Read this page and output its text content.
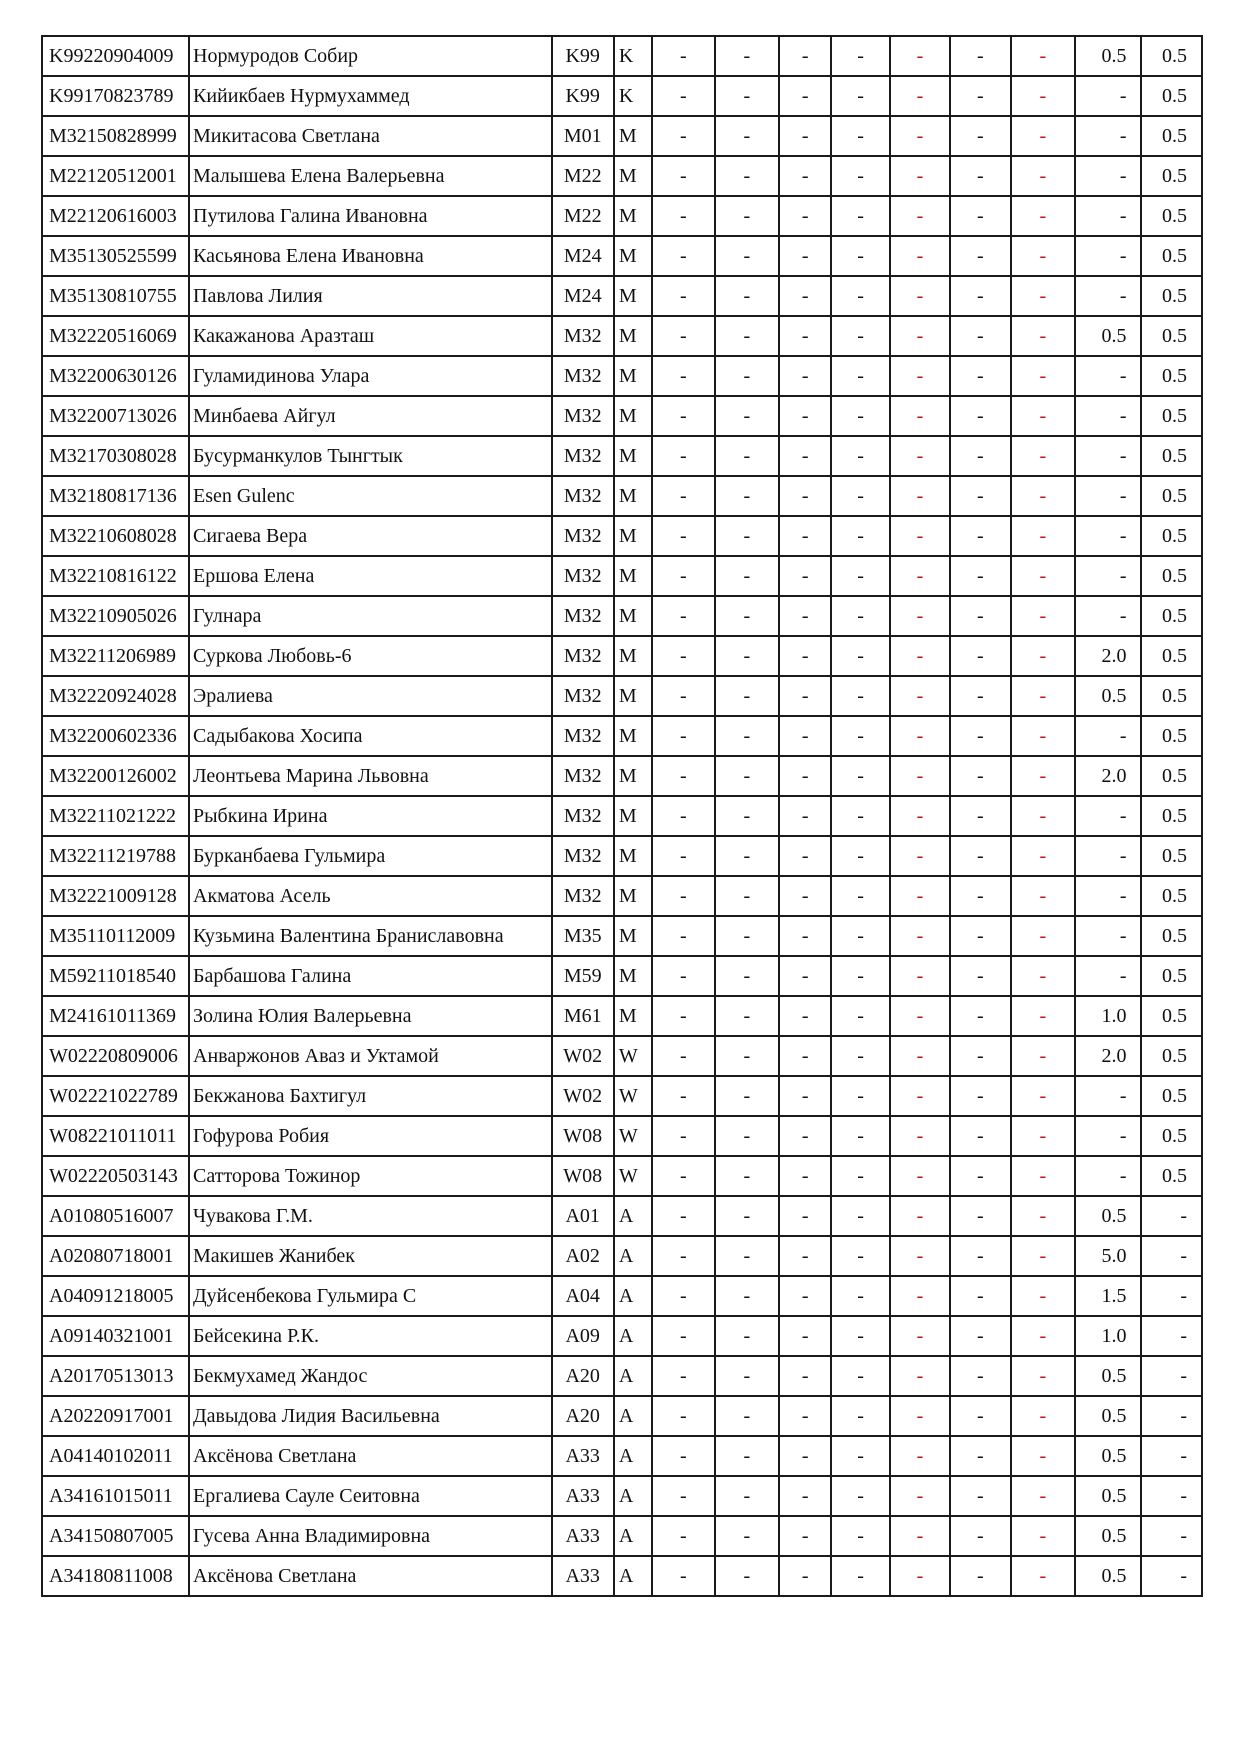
K99220904009	Нормуродов Собир	K99	K	-	-	-	-	-	-	-	0.5	0.5
K99170823789	Кийикбаев Нурмухаммед	K99	K	-	-	-	-	-	-	-	-	0.5
M32150828999	Микитасова Светлана	M01	M	-	-	-	-	-	-	-	-	0.5
M22120512001	Малышева Елена Валерьевна	M22	M	-	-	-	-	-	-	-	-	0.5
M22120616003	Путилова Галина Ивановна	M22	M	-	-	-	-	-	-	-	-	0.5
M35130525599	Касьянова Елена Ивановна	M24	M	-	-	-	-	-	-	-	-	0.5
M35130810755	Павлова Лилия	M24	M	-	-	-	-	-	-	-	-	0.5
M32220516069	Какажанова Аразташ	M32	M	-	-	-	-	-	-	-	0.5	0.5
M32200630126	Гуламидинова Улара	M32	M	-	-	-	-	-	-	-	-	0.5
M32200713026	Минбаева Айгул	M32	M	-	-	-	-	-	-	-	-	0.5
M32170308028	Бусурманкулов Тынгтык	M32	M	-	-	-	-	-	-	-	-	0.5
M32180817136	Esen Gulenc	M32	M	-	-	-	-	-	-	-	-	0.5
M32210608028	Сигаева Вера	M32	M	-	-	-	-	-	-	-	-	0.5
M32210816122	Ершова Елена	M32	M	-	-	-	-	-	-	-	-	0.5
M32210905026	Гулнара	M32	M	-	-	-	-	-	-	-	-	0.5
M32211206989	Суркова Любовь-6	M32	M	-	-	-	-	-	-	-	2.0	0.5
M32220924028	Эралиева	M32	M	-	-	-	-	-	-	-	0.5	0.5
M32200602336	Садыбакова Хосипа	M32	M	-	-	-	-	-	-	-	-	0.5
M32200126002	Леонтьева Марина Львовна	M32	M	-	-	-	-	-	-	-	2.0	0.5
M32211021222	Рыбкина Ирина	M32	M	-	-	-	-	-	-	-	-	0.5
M32211219788	Бурканбаева Гульмира	M32	M	-	-	-	-	-	-	-	-	0.5
M32221009128	Акматова Асель	M32	M	-	-	-	-	-	-	-	-	0.5
M35110112009	Кузьмина Валентина Браниславовна	M35	M	-	-	-	-	-	-	-	-	0.5
M59211018540	Барбашова Галина	M59	M	-	-	-	-	-	-	-	-	0.5
M24161011369	Золина Юлия Валерьевна	M61	M	-	-	-	-	-	-	-	1.0	0.5
W02220809006	Анваржонов Аваз и Уктамой	W02	W	-	-	-	-	-	-	-	2.0	0.5
W02221022789	Бекжанова Бахтигул	W02	W	-	-	-	-	-	-	-	-	0.5
W08221011011	Гофурова Робия	W08	W	-	-	-	-	-	-	-	-	0.5
W02220503143	Сатторова Тожинор	W08	W	-	-	-	-	-	-	-	-	0.5
A01080516007	Чувакова Г.М.	A01	A	-	-	-	-	-	-	-	0.5	-
A02080718001	Макишев Жанибек	A02	A	-	-	-	-	-	-	-	5.0	-
A04091218005	Дуйсенбекова Гульмира С	A04	A	-	-	-	-	-	-	-	1.5	-
A09140321001	Бейсекина Р.К.	A09	A	-	-	-	-	-	-	-	1.0	-
A20170513013	Бекмухамед Жандос	A20	A	-	-	-	-	-	-	-	0.5	-
A20220917001	Давыдова Лидия Васильевна	A20	A	-	-	-	-	-	-	-	0.5	-
A04140102011	Аксёнова Светлана	A33	A	-	-	-	-	-	-	-	0.5	-
A34161015011	Ергалиева Сауле Сеитовна	A33	A	-	-	-	-	-	-	-	0.5	-
A34150807005	Гусева Анна Владимировна	A33	A	-	-	-	-	-	-	-	0.5	-
A34180811008	Аксёнова Светлана	A33	A	-	-	-	-	-	-	-	0.5	-
